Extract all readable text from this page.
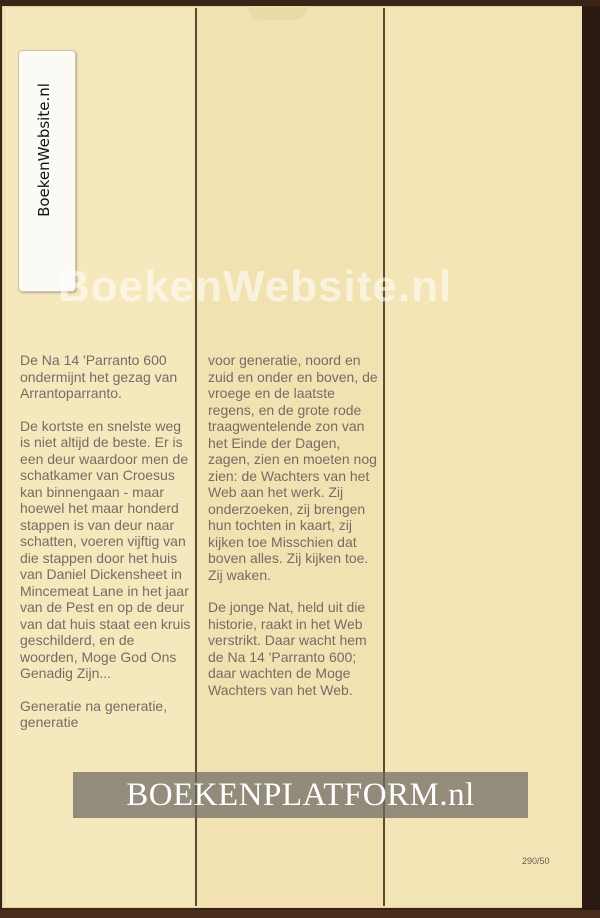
BoekenWebsite.nl
BoekenWebsite.nl

De Na 14 'Parranto 600 ondermijnt het gezag van Arrantoparranto.

De kortste en snelste weg is niet altijd de beste. Er is een deur waardoor men de schatkamer van Croesus kan binnengaan - maar hoewel het maar honderd stappen is van deur naar schatten, voeren vijftig van die stappen door het huis van Daniel Dickensheet in Mincemeat Lane in het jaar van de Pest en op de deur van dat huis staat een kruis geschilderd, en de woorden, Moge God Ons Genadig Zijn...

Generatie na generatie, generatie

voor generatie, noord en zuid en onder en boven, de vroege en de laatste regens, en de grote rode traagwentelende zon van het Einde der Dagen, zagen, zien en moeten nog zien: de Wachters van het Web aan het werk. Zij onderzoeken, zij brengen hun tochten in kaart, zij kijken toe Misschien dat boven alles. Zij kijken toe. Zij waken.

De jonge Nat, held uit die historie, raakt in het Web verstrikt. Daar wacht hem de Na 14 'Parranto 600; daar wachten de Moge Wachters van het Web.

290/50
BOEKENPLATFORM.nl
